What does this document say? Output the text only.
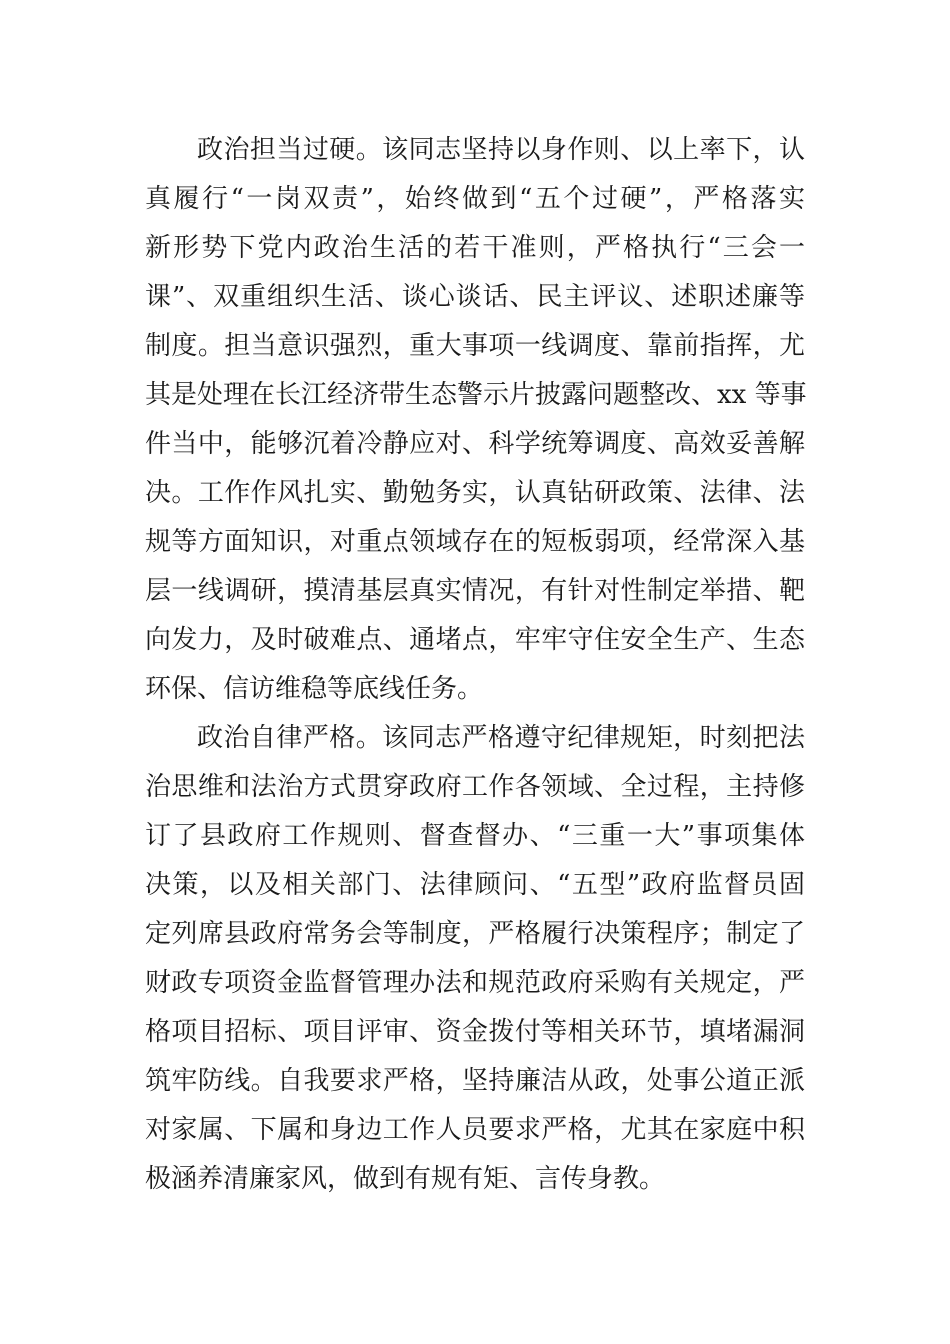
政治担当过硬。该同志坚持以身作则、以上率下，认
真履行“一岗双责”，始终做到“五个过硬”，严格落实
新形势下党内政治生活的若干准则，严格执行“三会一
课”、双重组织生活、谈心谈话、民主评议、述职述廉等
制度。担当意识强烈，重大事项一线调度、靠前指挥，尤
其是处理在长江经济带生态警示片披露问题整改、xx 等事
件当中，能够沉着冷静应对、科学统筹调度、高效妥善解
决。工作作风扎实、勤勉务实，认真钻研政策、法律、法
规等方面知识，对重点领域存在的短板弱项，经常深入基
层一线调研，摸清基层真实情况，有针对性制定举措、靶
向发力，及时破难点、通堵点，牢牢守住安全生产、生态
环保、信访维稳等底线任务。
政治自律严格。该同志严格遵守纪律规矩，时刻把法
治思维和法治方式贯穿政府工作各领域、全过程，主持修
订了县政府工作规则、督查督办、“三重一大”事项集体
决策，以及相关部门、法律顾问、“五型”政府监督员固
定列席县政府常务会等制度，严格履行决策程序；制定了
财政专项资金监督管理办法和规范政府采购有关规定，严
格项目招标、项目评审、资金拨付等相关环节，填堵漏洞
筑牢防线。自我要求严格，坚持廉洁从政，处事公道正派
对家属、下属和身边工作人员要求严格，尤其在家庭中积
极涵养清廉家风，做到有规有矩、言传身教。
